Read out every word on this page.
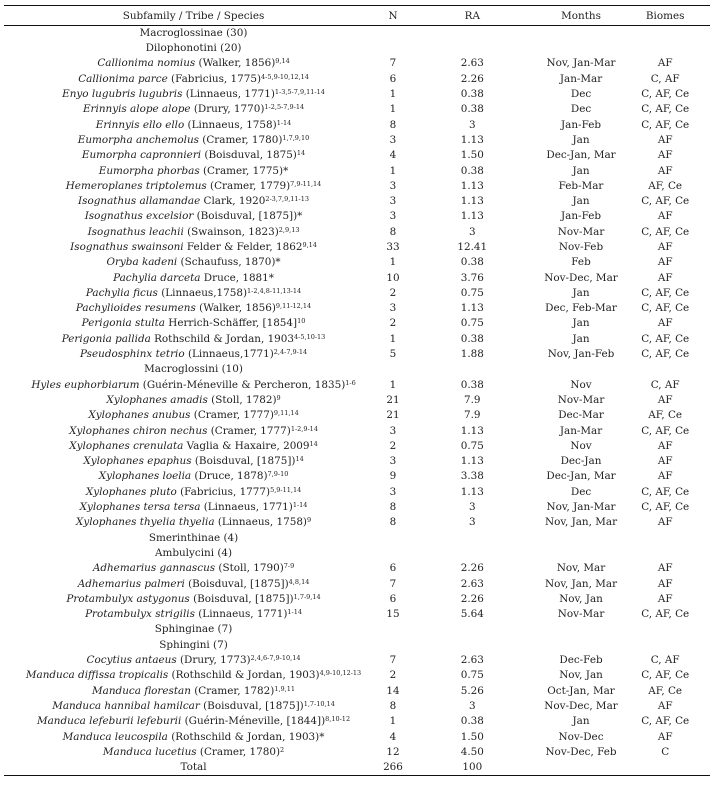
Subfamily / Tribe / Species	N	RA	Months	Biomes
Macroglossinae (30)				
Dilophonotini (20)				
Callionima nomius (Walker, 1856)$^{9,14}$	7	2.63	Nov, Jan-Mar	AF
Callionima parce (Fabricius, 1775)$^{4-5,9-10,12,14}$	6	2.26	Jan-Mar	C, AF
Enyo lugubris lugubris (Linnaeus, 1771)$^{1-3,5-7,9,11-14}$	1	0.38	Dec	C, AF, Ce
Erinnyis alope alope (Drury, 1770)$^{1-2,5-7,9-14}$	1	0.38	Dec	C, AF, Ce
Erinnyis ello ello (Linnaeus, 1758)$^{1-14}$	8	3	Jan-Feb	C, AF, Ce
Eumorpha anchemolus (Cramer, 1780)$^{1,7,9,10}$	3	1.13	Jan	AF
Eumorpha capronnieri (Boisduval, 1875)$^{14}$	4	1.50	Dec-Jan, Mar	AF
Eumorpha phorbas (Cramer, 1775)*	1	0.38	Jan	AF
Hemeroplanes triptolemus (Cramer, 1779)$^{7,9-11,14}$	3	1.13	Feb-Mar	AF, Ce
Isognathus allamandae Clark, 1920$^{2-3,7,9,11-13}$	3	1.13	Jan	C, AF, Ce
Isognathus excelsior (Boisduval, [1875])*	3	1.13	Jan-Feb	AF
Isognathus leachii (Swainson, 1823)$^{2,9,13}$	8	3	Nov-Mar	C, AF, Ce
Isognathus swainsoni Felder & Felder, 1862$^{9,14}$	33	12.41	Nov-Feb	AF
Oryba kadeni (Schaufuss, 1870)*	1	0.38	Feb	AF
Pachylia darceta Druce, 1881*	10	3.76	Nov-Dec, Mar	AF
Pachylia ficus (Linnaeus,1758)$^{1-2,4,8-11,13-14}$	2	0.75	Jan	C, AF, Ce
Pachylioides resumens (Walker, 1856)$^{9,11-12,14}$	3	1.13	Dec, Feb-Mar	C, AF, Ce
Perigonia stulta Herrich-Schäffer, $[1854]^{10}$	2	0.75	Jan	AF
Perigonia pallida Rothschild & Jordan, 1903$^{4-5,10-13}$	1	0.38	Jan	C, AF, Ce
Pseudosphinx tetrio (Linnaeus,1771)$^{2,4-7,9-14}$	5	1.88	Nov, Jan-Feb	C, AF, Ce
Macroglossini (10)				
Hyles euphorbiarum (Guérin-Méneville & Percheron, 1835)$^{1-6}$	1	0.38	Nov	C, AF
Xylophanes amadis (Stoll, 1782)$^9$	21	7.9	Nov-Mar	AF
Xylophanes anubus (Cramer, 1777)$^{9,11,14}$	21	7.9	Dec-Mar	AF, Ce
Xylophanes chiron nechus (Cramer, 1777)$^{1-2,9-14}$	3	1.13	Jan-Mar	C, AF, Ce
Xylophanes crenulata Vaglia & Haxaire, 2009$^{14}$	2	0.75	Nov	AF
Xylophanes epaphus (Boisduval, [1875])$^{14}$	3	1.13	Dec-Jan	AF
Xylophanes loelia (Druce, 1878)$^{7,9-10}$	9	3.38	Dec-Jan, Mar	AF
Xylophanes pluto (Fabricius, 1777)$^{5,9-11,14}$	3	1.13	Dec	C, AF, Ce
Xylophanes tersa tersa (Linnaeus, 1771)$^{1-14}$	8	3	Nov, Jan-Mar	C, AF, Ce
Xylophanes thyelia thyelia (Linnaeus, 1758)$^9$	8	3	Nov, Jan, Mar	AF
Smerinthinae (4)				
Ambulycini (4)				
Adhemarius gannascus (Stoll, 1790)$^{7-9}$	6	2.26	Nov, Mar	AF
Adhemarius palmeri (Boisduval, [1875])$^{4,8,14}$	7	2.63	Nov, Jan, Mar	AF
Protambulyx astygonus (Boisduval, [1875])$^{1,7-9,14}$	6	2.26	Nov, Jan	AF
Protambulyx strigilis (Linnaeus, 1771)$^{1-14}$	15	5.64	Nov-Mar	C, AF, Ce
Sphinginae (7)				
Sphingini (7)				
Cocytius antaeus (Drury, 1773)$^{2,4,6-7,9-10,14}$	7	2.63	Dec-Feb	C, AF
Manduca diffissa tropicalis (Rothschild & Jordan, 1903)$^{4,9-10,12-13}$	2	0.75	Nov, Jan	C, AF, Ce
Manduca florestan (Cramer, 1782)$^{1,9,11}$	14	5.26	Oct-Jan, Mar	AF, Ce
Manduca hannibal hamilcar (Boisduval, [1875])$^{1,7-10,14}$	8	3	Nov-Dec, Mar	AF
Manduca lefeburii lefeburii (Guérin-Méneville, [1844])$^{8,10-12}$	1	0.38	Jan	C, AF, Ce
Manduca leucospila (Rothschild & Jordan, 1903)*	4	1.50	Nov-Dec	AF
Manduca lucetius (Cramer, 1780)$^2$	12	4.50	Nov-Dec, Feb	C
Total	266	100		
